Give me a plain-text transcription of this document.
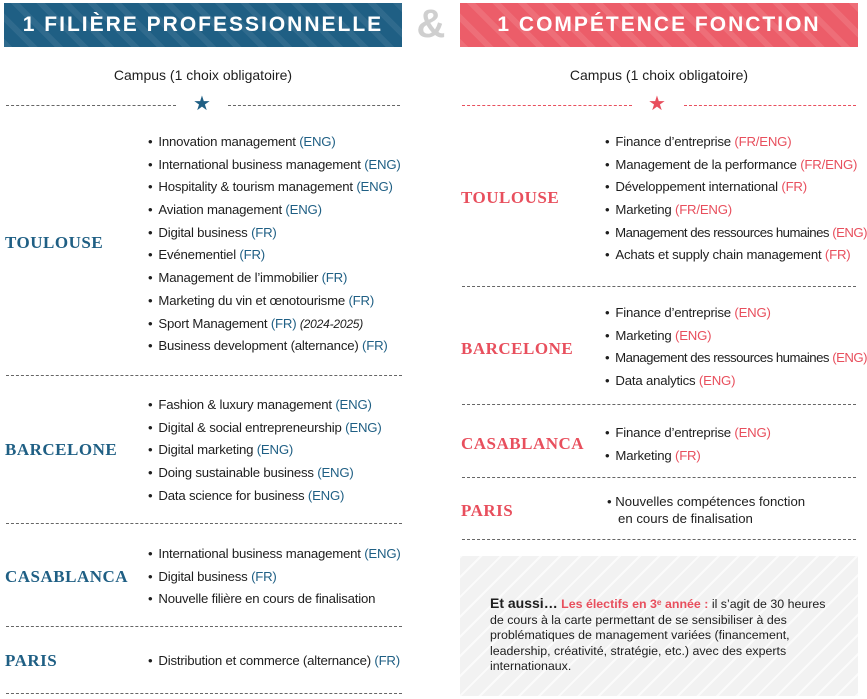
1 FILIÈRE PROFESSIONNELLE &	1 COMPÉTENCE FONCTION
Campus (1 choix obligatoire)	Campus (1 choix obligatoire)
★	★
TOULOUSE
• Innovation management (ENG)
• International business management (ENG)
• Hospitality & tourism management (ENG)
• Aviation management (ENG)
• Digital business (FR)
• Evénementiel (FR)
• Management de l’immobilier (FR)
• Marketing du vin et œnotourisme (FR)
• Sport Management (FR) (2024-2025)
• Business development (alternance) (FR)
BARCELONE
• Fashion & luxury management (ENG)
• Digital & social entrepreneurship (ENG)
• Digital marketing (ENG)
• Doing sustainable business (ENG)
• Data science for business (ENG)
CASABLANCA
• International business management (ENG)
• Digital business (FR)
• Nouvelle filière en cours de finalisation
PARIS
•	Distribution et commerce (alternance) (FR)
TOULOUSE
• Finance d’entreprise (FR/ENG)
• Management de la performance (FR/ENG)
• Développement international (FR)
• Marketing (FR/ENG)
• Management des ressources humaines (ENG)
• Achats et supply chain management (FR)
BARCELONE
• Finance d’entreprise (ENG)
• Marketing (ENG)
• Management des ressources humaines (ENG)
• Data analytics (ENG)
CASABLANCA
• Finance d’entreprise (ENG)
• Marketing (FR)
PARIS	• Nouvelles compétences fonction
en cours de finalisation
Et aussi… Les électifs en 3ᵉ année : il s’agit de 30 heures de cours à la carte permettant de se sensibiliser à des problématiques de management variées (financement, leadership, créativité, stratégie, etc.) avec des experts internationaux.
